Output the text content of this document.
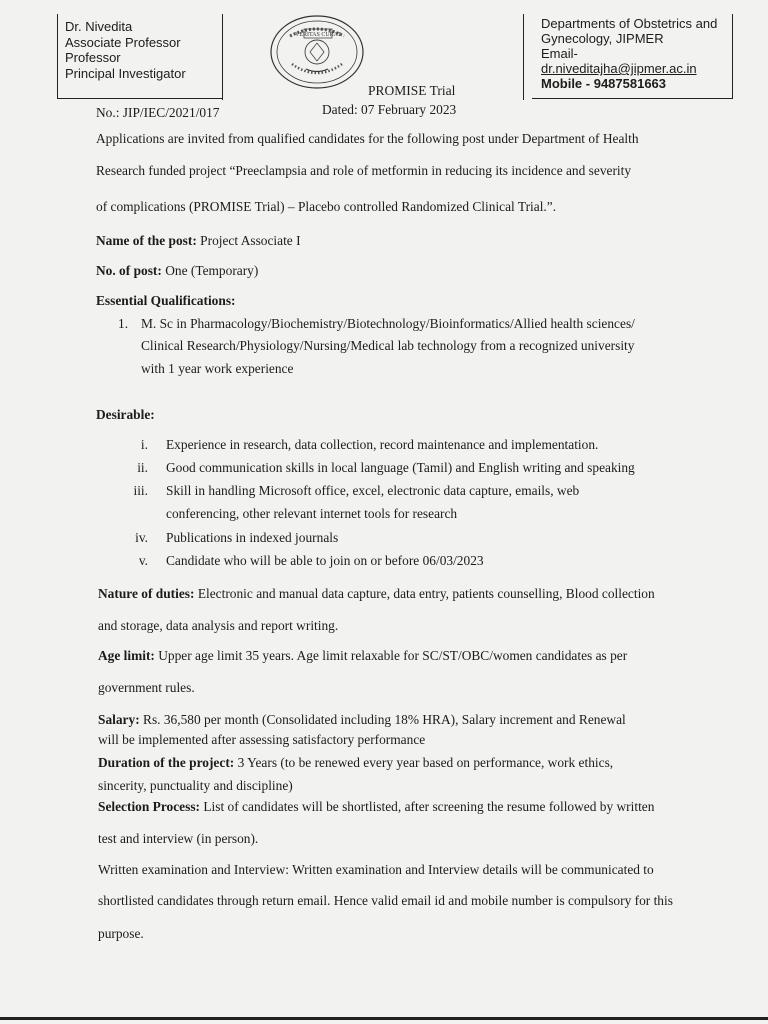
Dr. Nivedita
Associate Professor
Professor
Principal Investigator
VERITAS CURAT
PROMISE Trial
Departments of Obstetrics and
Gynecology, JIPMER
Email-
dr.niveditajha@jipmer.ac.in
Mobile - 9487581663
No.: JIP/IEC/2021/017	Dated: 07 February 2023
Applications are invited from qualified candidates for the following post under Department of Health
Research funded project “Preeclampsia and role of metformin in reducing its incidence and severity
of complications (PROMISE Trial) – Placebo controlled Randomized Clinical Trial.”.
Name of the post: Project Associate I
No. of post: One (Temporary)
Essential Qualifications:
1. M. Sc in Pharmacology/Biochemistry/Biotechnology/Bioinformatics/Allied health sciences/
Clinical Research/Physiology/Nursing/Medical lab technology from a recognized university
with 1 year work experience
Desirable:
i. Experience in research, data collection, record maintenance and implementation.
ii. Good communication skills in local language (Tamil) and English writing and speaking
iii. Skill in handling Microsoft office, excel, electronic data capture, emails, web
conferencing, other relevant internet tools for research
iv. Publications in indexed journals
v. Candidate who will be able to join on or before 06/03/2023
Nature of duties: Electronic and manual data capture, data entry, patients counselling, Blood collection
and storage, data analysis and report writing.
Age limit: Upper age limit 35 years. Age limit relaxable for SC/ST/OBC/women candidates as per
government rules.
Salary: Rs. 36,580 per month (Consolidated including 18% HRA), Salary increment and Renewal
will be implemented after assessing satisfactory performance
Duration of the project: 3 Years (to be renewed every year based on performance, work ethics,
sincerity, punctuality and discipline)
Selection Process: List of candidates will be shortlisted, after screening the resume followed by written
test and interview (in person).
Written examination and Interview: Written examination and Interview details will be communicated to
shortlisted candidates through return email. Hence valid email id and mobile number is compulsory for this
purpose.
